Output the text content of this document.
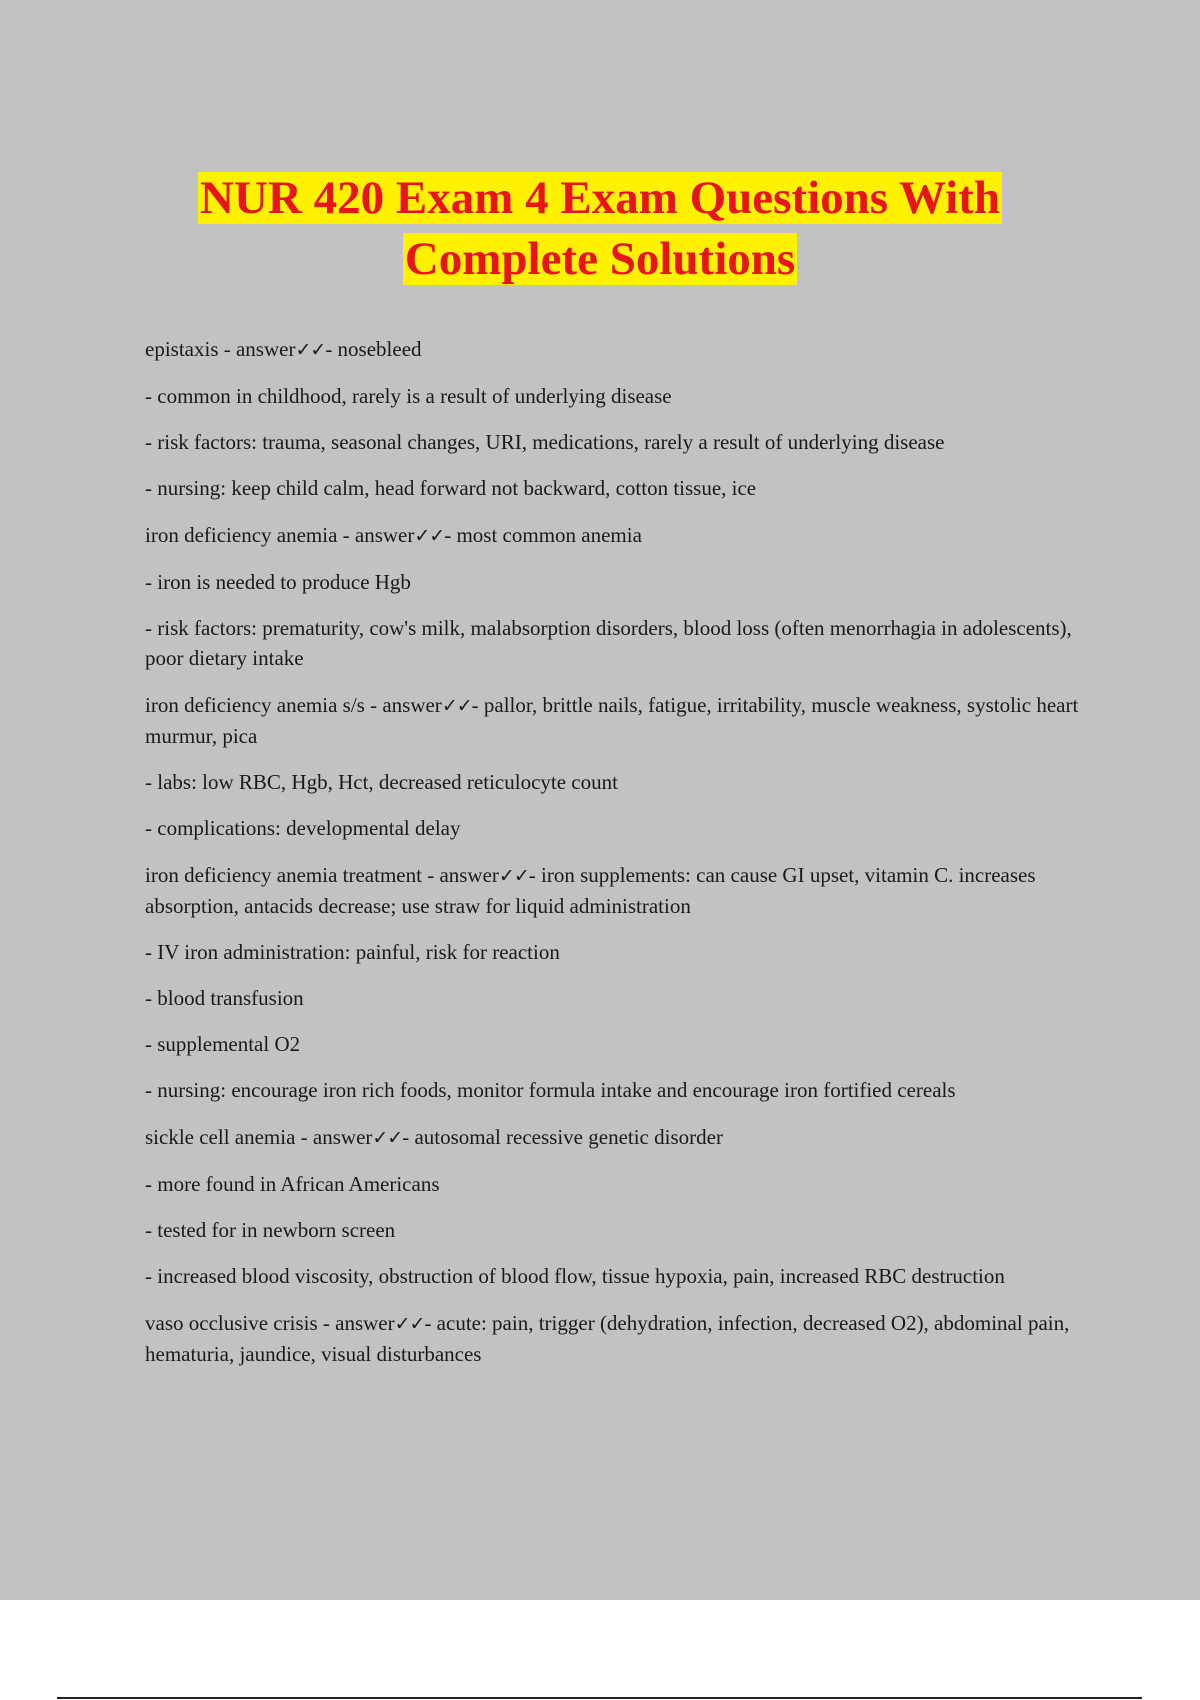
NUR 420 Exam 4 Exam Questions With
Complete Solutions

epistaxis - answer✓✓- nosebleed

- common in childhood, rarely is a result of underlying disease

- risk factors: trauma, seasonal changes, URI, medications, rarely a result of underlying disease

- nursing: keep child calm, head forward not backward, cotton tissue, ice

iron deficiency anemia - answer✓✓- most common anemia

- iron is needed to produce Hgb

- risk factors: prematurity, cow's milk, malabsorption disorders, blood loss (often menorrhagia in adolescents), poor dietary intake

iron deficiency anemia s/s - answer✓✓- pallor, brittle nails, fatigue, irritability, muscle weakness, systolic heart murmur, pica

- labs: low RBC, Hgb, Hct, decreased reticulocyte count

- complications: developmental delay

iron deficiency anemia treatment - answer✓✓- iron supplements: can cause GI upset, vitamin C. increases absorption, antacids decrease; use straw for liquid administration

- IV iron administration: painful, risk for reaction

- blood transfusion

- supplemental O2

- nursing: encourage iron rich foods, monitor formula intake and encourage iron fortified cereals

sickle cell anemia - answer✓✓- autosomal recessive genetic disorder

- more found in African Americans

- tested for in newborn screen

- increased blood viscosity, obstruction of blood flow, tissue hypoxia, pain, increased RBC destruction

vaso occlusive crisis - answer✓✓- acute: pain, trigger (dehydration, infection, decreased O2), abdominal pain, hematuria, jaundice, visual disturbances
